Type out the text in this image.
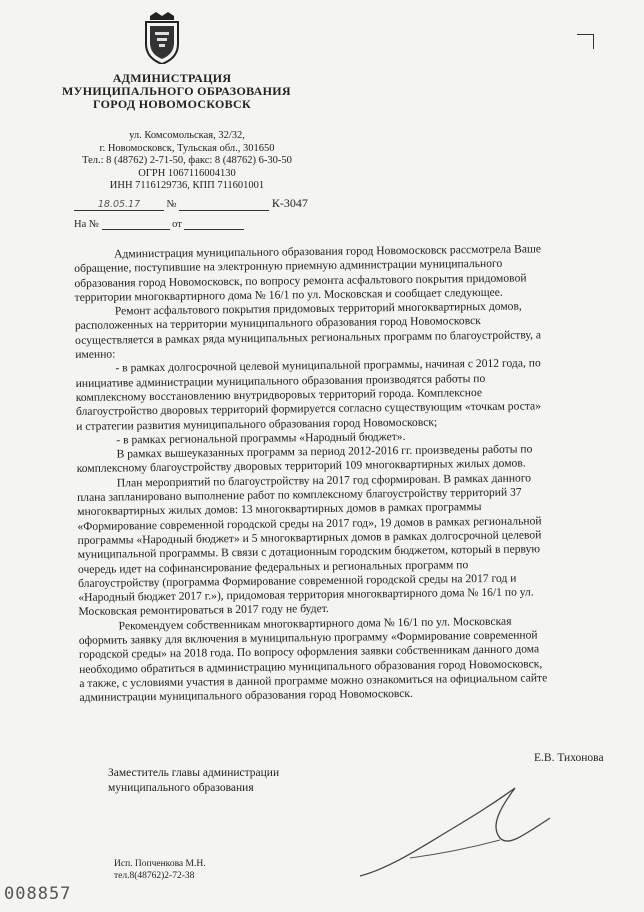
АДМИНИСТРАЦИЯ
МУНИЦИПАЛЬНОГО ОБРАЗОВАНИЯ
ГОРОД НОВОМОСКОВСК
ул. Комсомольская, 32/32,
г. Новомосковск, Тульская обл., 301650
Тел.: 8 (48762) 2-71-50, факс: 8 (48762) 6-30-50
ОГРН 1067116004130
ИНН 7116129736, КПП 711601001
18.05.17	№	К-3047
На №	от

Администрация муниципального образования город Новомосковск рассмотрела Ваше

обращение, поступившие на электронную приемную администрации муниципального

образования город Новомосковск, по вопросу ремонта асфальтового покрытия придомовой

территории многоквартирного дома № 16/1 по ул. Московская и сообщает следующее.

Ремонт асфальтового покрытия придомовых территорий многоквартирных домов,

расположенных на территории муниципального образования город Новомосковск

осуществляется в рамках ряда муниципальных региональных программ по благоустройству, а

именно:

- в рамках долгосрочной целевой муниципальной программы, начиная с 2012 года, по

инициативе администрации муниципального образования производятся работы по

комплексному восстановлению внутридворовых территорий города. Комплексное

благоустройство дворовых территорий формируется согласно существующим «точкам роста»

и стратегии развития муниципального образования город Новомосковск;

- в рамках региональной программы «Народный бюджет».

В рамках вышеуказанных программ за период 2012-2016 гг. произведены работы по

комплексному благоустройству дворовых территорий 109 многоквартирных жилых домов.

План мероприятий по благоустройству на 2017 год сформирован. В рамках данного

плана запланировано выполнение работ по комплексному благоустройству территорий 37

многоквартирных жилых домов: 13 многоквартирных домов в рамках программы

«Формирование современной городской среды на 2017 год», 19 домов в рамках региональной

программы «Народный бюджет» и 5 многоквартирных домов в рамках долгосрочной целевой

муниципальной программы. В связи с дотационным городским бюджетом, который в первую

очередь идет на софинансирование федеральных и региональных программ по

благоустройству (программа Формирование современной городской среды на 2017 год и

«Народный бюджет 2017 г.»), придомовая территория многоквартирного дома № 16/1 по ул.

Московская ремонтироваться в 2017 году не будет.

Рекомендуем собственникам многоквартирного дома № 16/1 по ул. Московская

оформить заявку для включения в муниципальную программу «Формирование современной

городской среды» на 2018 года. По вопросу оформления заявки собственникам данного дома

необходимо обратиться в администрацию муниципального образования город Новомосковск,

а также, с условиями участия в данной программе можно ознакомиться на официальном сайте

администрации муниципального образования город Новомосковск.

Заместитель главы администрации
муниципального образования
Е.В. Тихонова
Исп. Попченкова М.Н.
тел.8(48762)2-72-38
008857
